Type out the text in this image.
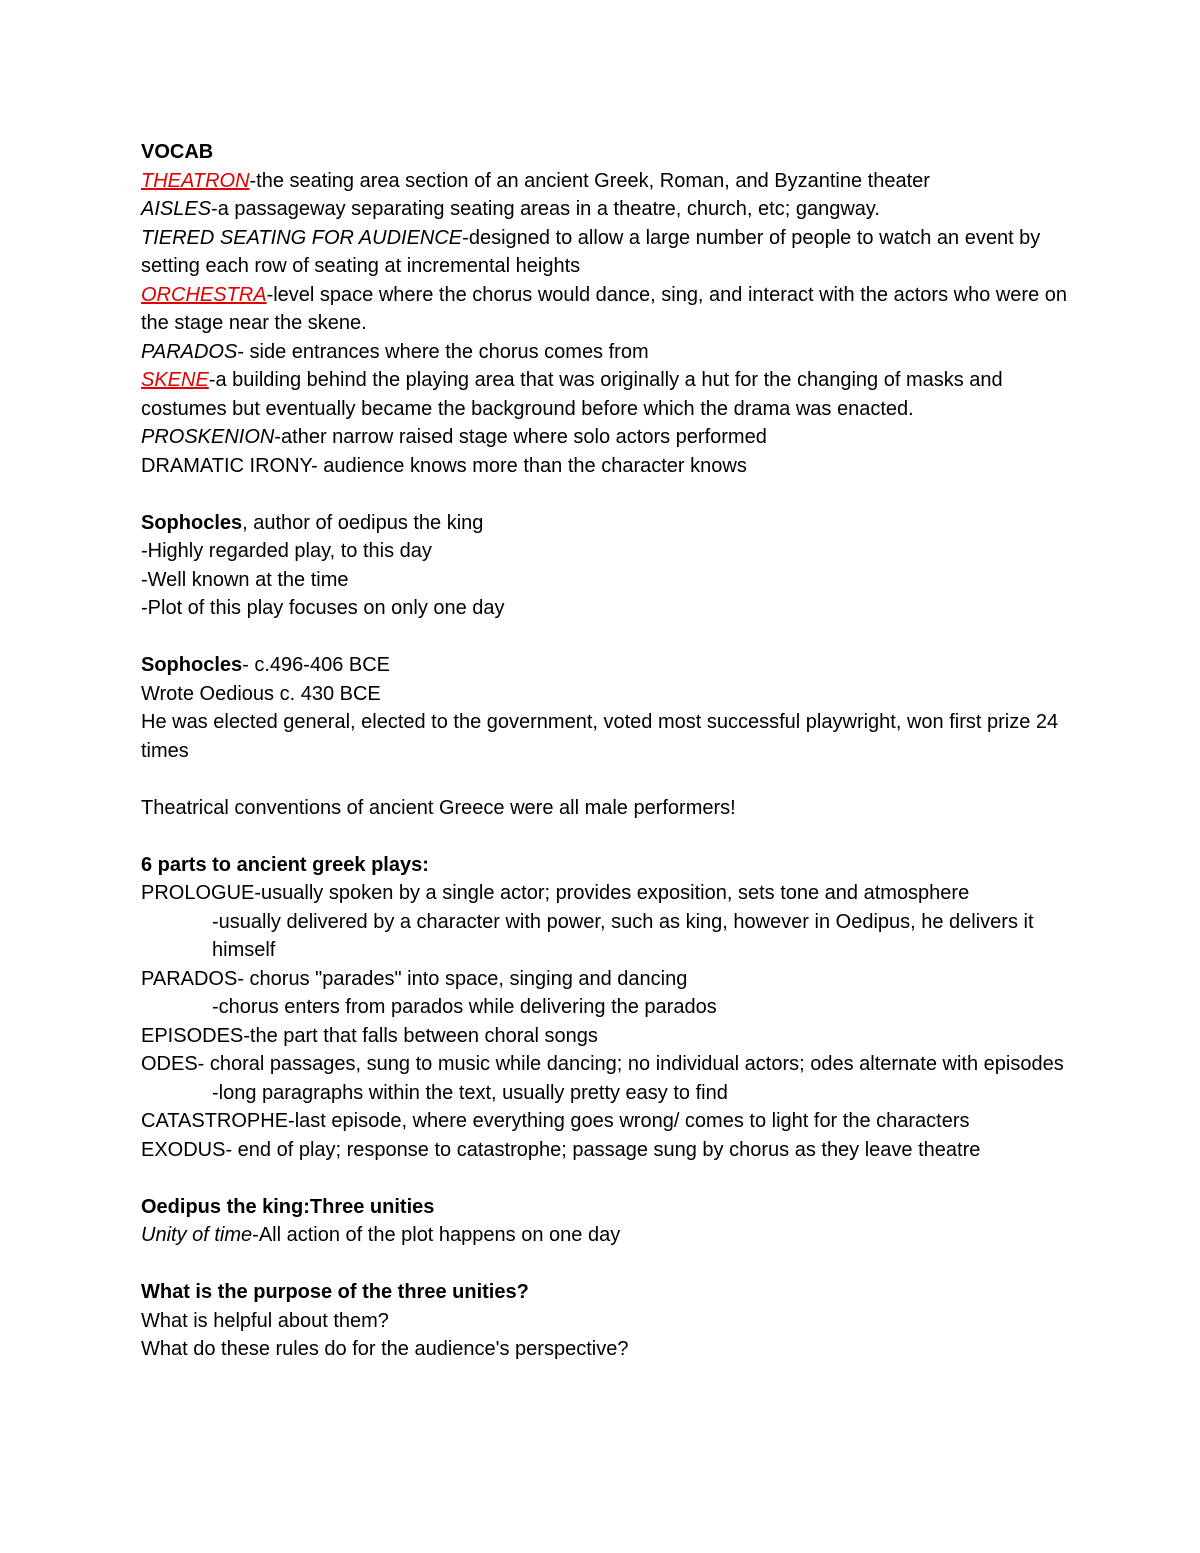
VOCAB
THEATRON-the seating area section of an ancient Greek, Roman, and Byzantine theater
AISLES-a passageway separating seating areas in a theatre, church, etc; gangway.
TIERED SEATING FOR AUDIENCE-designed to allow a large number of people to watch an event by setting each row of seating at incremental heights
ORCHESTRA-level space where the chorus would dance, sing, and interact with the actors who were on the stage near the skene.
PARADOS- side entrances where the chorus comes from
SKENE-a building behind the playing area that was originally a hut for the changing of masks and costumes but eventually became the background before which the drama was enacted.
PROSKENION-ather narrow raised stage where solo actors performed
DRAMATIC IRONY- audience knows more than the character knows
Sophocles, author of oedipus the king
-Highly regarded play, to this day
-Well known at the time
-Plot of this play focuses on only one day
Sophocles- c.496-406 BCE
Wrote Oedious c. 430 BCE
He was elected general, elected to the government, voted most successful playwright, won first prize 24 times
Theatrical conventions of ancient Greece were all male performers!
6 parts to ancient greek plays:
PROLOGUE-usually spoken by a single actor; provides exposition, sets tone and atmosphere
-usually delivered by a character with power, such as king, however in Oedipus, he delivers it himself
PARADOS- chorus "parades" into space, singing and dancing
-chorus enters from parados while delivering the parados
EPISODES-the part that falls between choral songs
ODES- choral passages, sung to music while dancing; no individual actors; odes alternate with episodes
-long paragraphs within the text, usually pretty easy to find
CATASTROPHE-last episode, where everything goes wrong/ comes to light for the characters
EXODUS- end of play; response to catastrophe; passage sung by chorus as they leave theatre
Oedipus the king:Three unities
Unity of time-All action of the plot happens on one day
What is the purpose of the three unities?
What is helpful about them?
What do these rules do for the audience's perspective?
